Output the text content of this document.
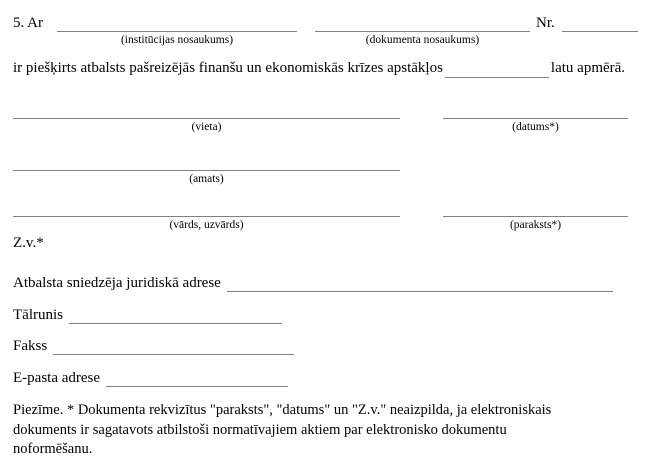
5. Ar
(institūcijas nosaukums)	(dokumenta nosaukums)
Nr.
ir piešķirts atbalsts pašreizējās finanšu un ekonomiskās krīzes apstākļos	latu apmērā.
(vieta)	(datums*)
(amats)
(vārds, uzvārds)	(paraksts*)
Z.v.*
Atbalsta sniedzēja juridiskā adrese
Tālrunis
Fakss
E-pasta adrese
Piezīme. * Dokumenta rekvizītus "paraksts", "datums" un "Z.v." neaizpilda, ja elektroniskais
dokuments ir sagatavots atbilstoši normatīvajiem aktiem par elektronisko dokumentu
noformēšanu.
